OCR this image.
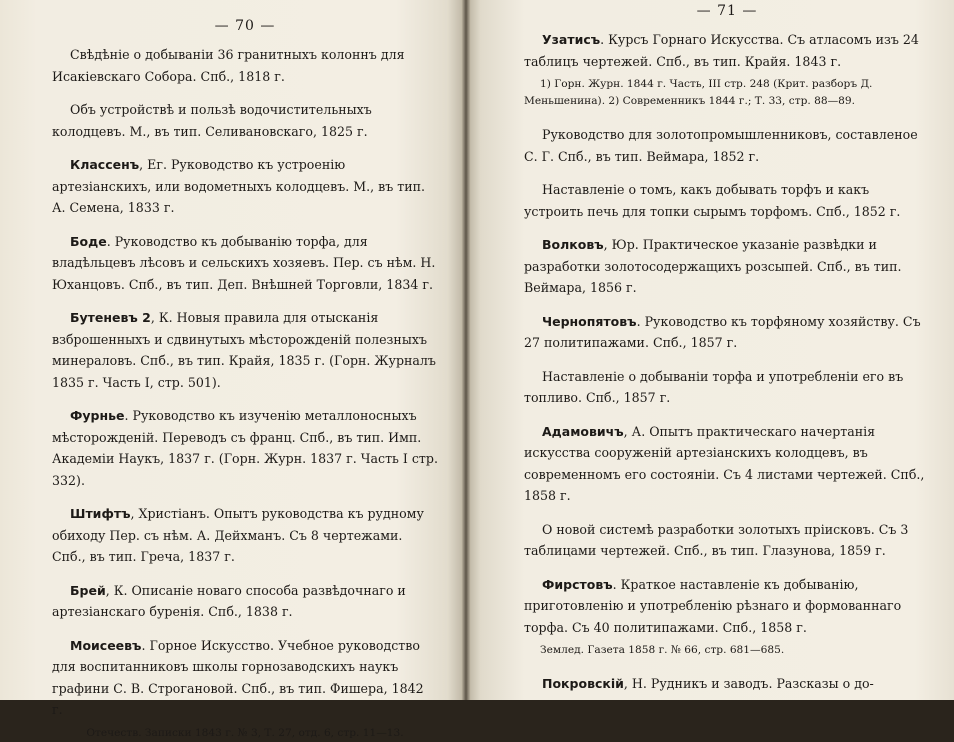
— 70 —
Свѣдѣніе о добываніи 36 гранитныхъ колоннъ для Исакіевскаго Собора. Спб., 1818 г.
Объ устройствѣ и пользѣ водочистительныхъ колодцевъ. М., въ тип. Селивановскаго, 1825 г.
Классенъ, Ег. Руководство къ устроенію артезіанскихъ, или водометныхъ колодцевъ. М., въ тип. А. Семена, 1833 г.
Боде. Руководство къ добыванію торфа, для владѣльцевъ лѣсовъ и сельскихъ хозяевъ. Пер. съ нѣм. Н. Юханцовъ. Спб., въ тип. Деп. Внѣшней Торговли, 1834 г.
Бутеневъ 2, К. Новыя правила для отысканія взброшенныхъ и сдвинутыхъ мѣсторожденій полезныхъ минераловъ. Спб., въ тип. Крайя, 1835 г. (Горн. Журналъ 1835 г. Часть I, стр. 501).
Фурнье. Руководство къ изученію металлоносныхъ мѣсторожденій. Переводъ съ франц. Спб., въ тип. Имп. Академіи Наукъ, 1837 г. (Горн. Журн. 1837 г. Часть I стр. 332).
Штифтъ, Христіанъ. Опытъ руководства къ рудному обиходу Пер. съ нѣм. А. Дейхманъ. Съ 8 чертежами. Спб., въ тип. Греча, 1837 г.
Брей, К. Описаніе новаго способа развѣдочнаго и артезіанскаго буренія. Спб., 1838 г.
Моисеевъ. Горное Искусство. Учебное руководство для воспитанниковъ школы горнозаводскихъ наукъ графини С. В. Строгановой. Спб., въ тип. Фишера, 1842 г.
Отечеств. Записки 1843 г. № 3, Т. 27, отд. 6, стр. 11—13.
— 71 —
Узатисъ. Курсъ Горнаго Искусства. Съ атласомъ изъ 24 таблицъ чертежей. Спб., въ тип. Крайя. 1843 г.
1) Горн. Журн. 1844 г. Часть, III стр. 248 (Крит. разборъ Д. Меньшенина). 2) Современникъ 1844 г.; Т. 33, стр. 88—89.
Руководство для золотопромышленниковъ, составленое С. Г. Спб., въ тип. Веймара, 1852 г.
Наставленіе о томъ, какъ добывать торфъ и какъ устроить печь для топки сырымъ торфомъ. Спб., 1852 г.
Волковъ, Юр. Практическое указаніе развѣдки и разработки золотосодержащихъ розсыпей. Спб., въ тип. Веймара, 1856 г.
Чернопятовъ. Руководство къ торфяному хозяйству. Съ 27 политипажами. Спб., 1857 г.
Наставленіе о добываніи торфа и употребленіи его въ топливо. Спб., 1857 г.
Адамовичъ, А. Опытъ практическаго начертанія искусства сооруженій артезіанскихъ колодцевъ, въ современномъ его состояніи. Съ 4 листами чертежей. Спб., 1858 г.
О новой системѣ разработки золотыхъ пріисковъ. Съ 3 таблицами чертежей. Спб., въ тип. Глазунова, 1859 г.
Фирстовъ. Краткое наставленіе къ добыванію, приготовленію и употребленію рѣзнаго и формованнаго торфа. Съ 40 политипажами. Спб., 1858 г.
Землед. Газета 1858 г. № 66, стр. 681—685.
Покровскій, Н. Рудникъ и заводъ. Разсказы о до-
